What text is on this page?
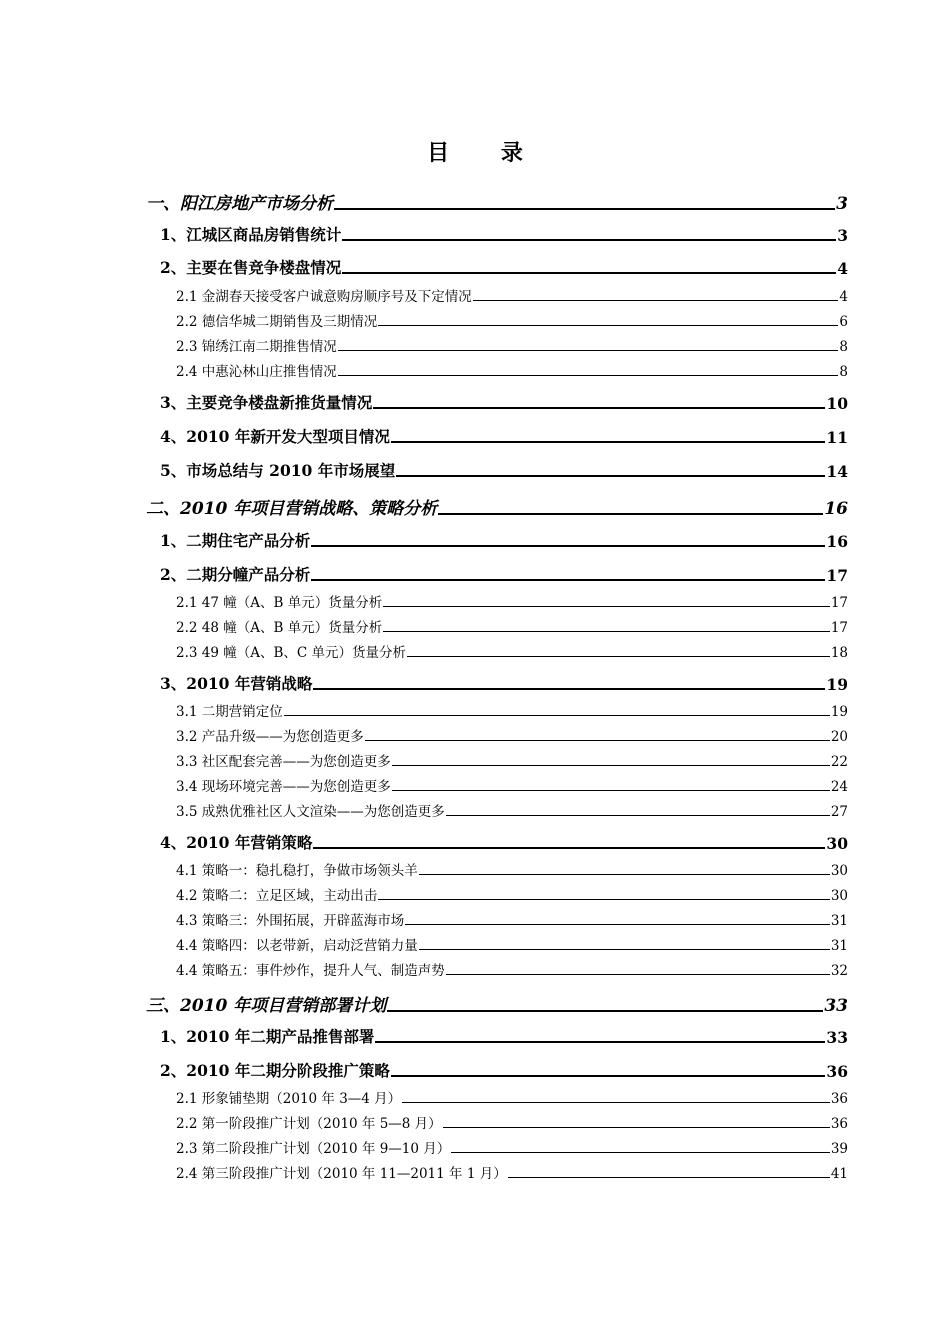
目 录
一、阳江房地产市场分析	3
1、江城区商品房销售统计	3
2、主要在售竞争楼盘情况	4
2.1 金湖春天接受客户诚意购房顺序号及下定情况	4
2.2 德信华城二期销售及三期情况	6
2.3 锦绣江南二期推售情况	8
2.4 中惠沁林山庄推售情况	8
3、主要竞争楼盘新推货量情况	10
4、2010 年新开发大型项目情况	11
5、市场总结与 2010 年市场展望	14
二、2010 年项目营销战略、策略分析	16
1、二期住宅产品分析	16
2、二期分幢产品分析	17
2.1 47 幢（A、B 单元）货量分析	17
2.2 48 幢（A、B 单元）货量分析	17
2.3 49 幢（A、B、C 单元）货量分析	18
3、2010 年营销战略	19
3.1 二期营销定位	19
3.2 产品升级——为您创造更多	20
3.3 社区配套完善——为您创造更多	22
3.4 现场环境完善——为您创造更多	24
3.5 成熟优雅社区人文渲染——为您创造更多	27
4、2010 年营销策略	30
4.1 策略一：稳扎稳打，争做市场领头羊	30
4.2 策略二：立足区域，主动出击	30
4.3 策略三：外围拓展，开辟蓝海市场	31
4.4 策略四：以老带新，启动泛营销力量	31
4.4 策略五：事件炒作，提升人气、制造声势	32
三、2010 年项目营销部署计划	33
1、2010 年二期产品推售部署	33
2、2010 年二期分阶段推广策略	36
2.1 形象铺垫期（2010 年 3—4 月）	36
2.2 第一阶段推广计划（2010 年 5—8 月）	36
2.3 第二阶段推广计划（2010 年 9—10 月）	39
2.4 第三阶段推广计划（2010 年 11—2011 年 1 月）	41
